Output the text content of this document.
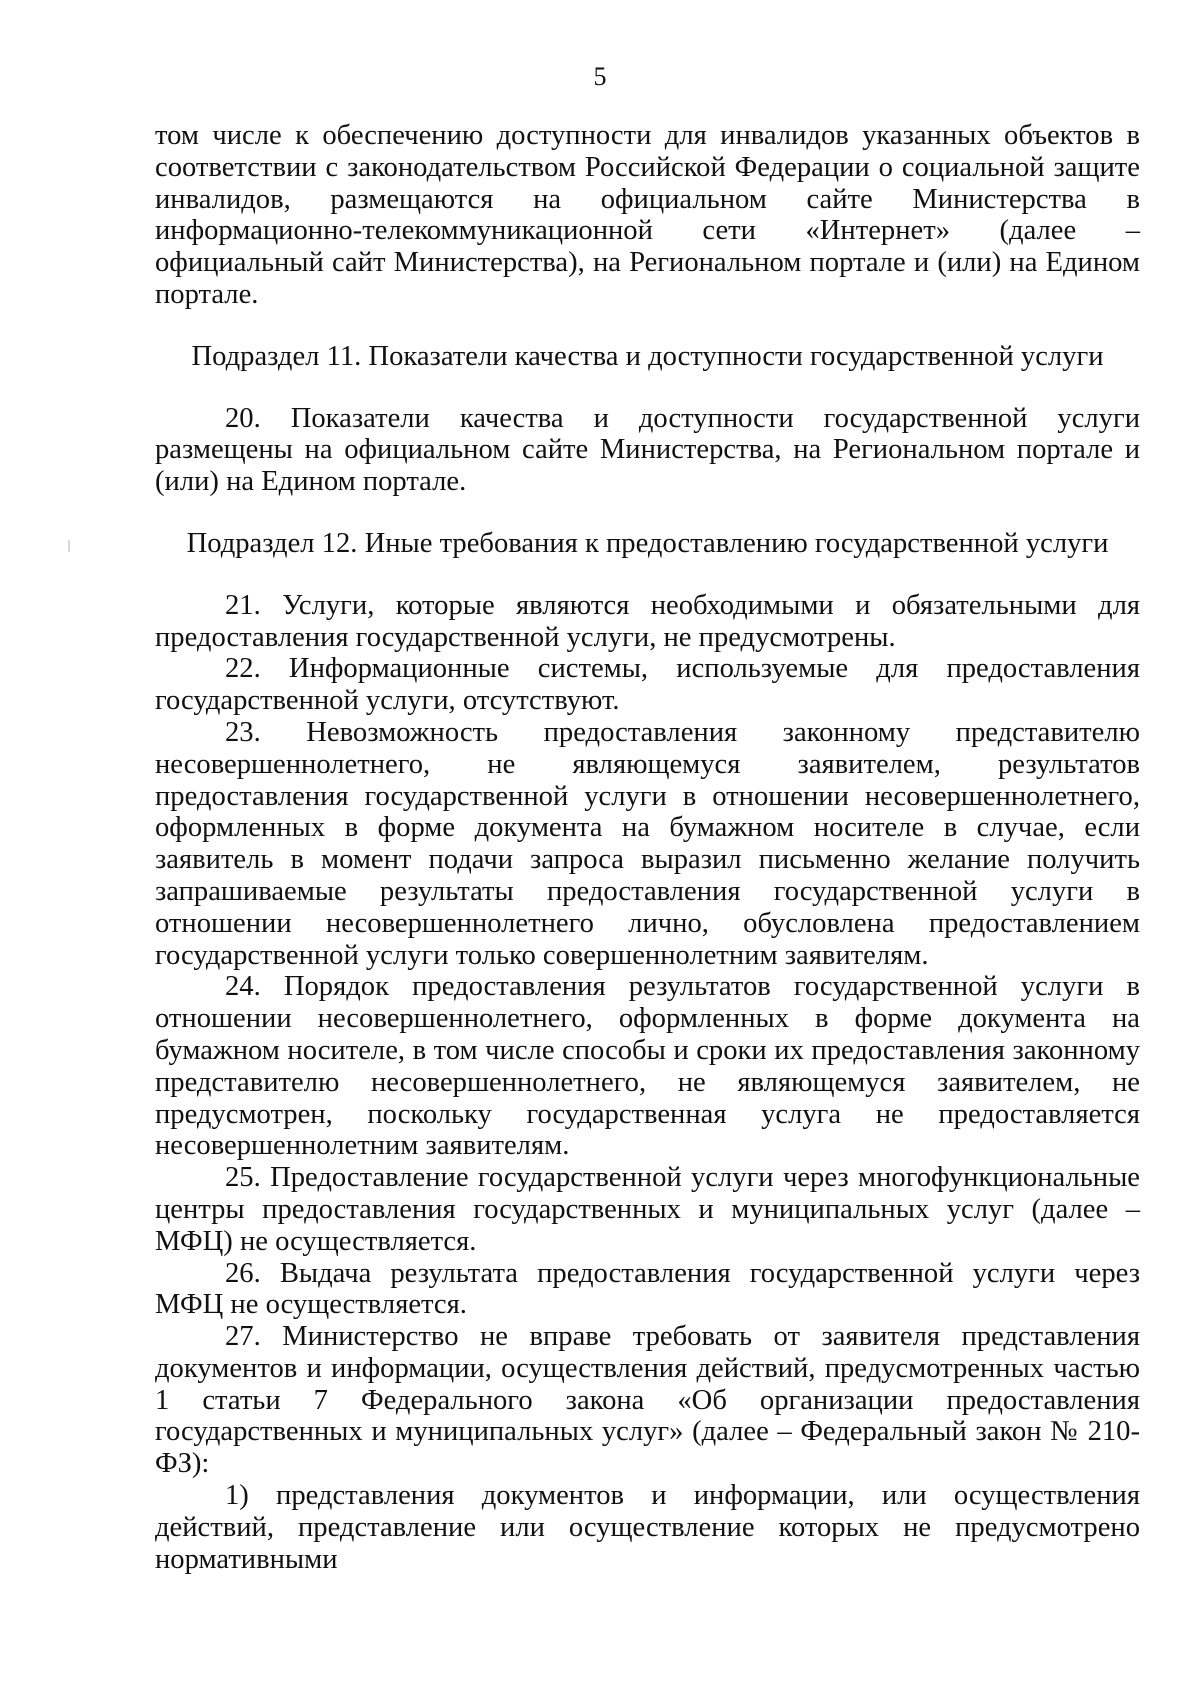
5

том числе к обеспечению доступности для инвалидов указанных объектов в соответствии с законодательством Российской Федерации о социальной защите инвалидов, размещаются на официальном сайте Министерства в информационно-телекоммуникационной сети «Интернет» (далее – официальный сайт Министерства), на Региональном портале и (или) на Едином портале.

Подраздел 11. Показатели качества и доступности государственной услуги

20. Показатели качества и доступности государственной услуги размещены на официальном сайте Министерства, на Региональном портале и (или) на Едином портале.

Подраздел 12. Иные требования к предоставлению государственной услуги

21. Услуги, которые являются необходимыми и обязательными для предоставления государственной услуги, не предусмотрены.

22. Информационные системы, используемые для предоставления государственной услуги, отсутствуют.

23. Невозможность предоставления законному представителю несовершеннолетнего, не являющемуся заявителем, результатов предоставления государственной услуги в отношении несовершеннолетнего, оформленных в форме документа на бумажном носителе в случае, если заявитель в момент подачи запроса выразил письменно желание получить запрашиваемые результаты предоставления государственной услуги в отношении несовершеннолетнего лично, обусловлена предоставлением государственной услуги только совершеннолетним заявителям.

24. Порядок предоставления результатов государственной услуги в отношении несовершеннолетнего, оформленных в форме документа на бумажном носителе, в том числе способы и сроки их предоставления законному представителю несовершеннолетнего, не являющемуся заявителем, не предусмотрен, поскольку государственная услуга не предоставляется несовершеннолетним заявителям.

25. Предоставление государственной услуги через многофункциональные центры предоставления государственных и муниципальных услуг (далее – МФЦ) не осуществляется.

26. Выдача результата предоставления государственной услуги через МФЦ не осуществляется.

27. Министерство не вправе требовать от заявителя представления документов и информации, осуществления действий, предусмотренных частью 1 статьи 7 Федерального закона «Об организации предоставления государственных и муниципальных услуг» (далее – Федеральный закон № 210-ФЗ):

1) представления документов и информации, или осуществления действий, представление или осуществление которых не предусмотрено нормативными
